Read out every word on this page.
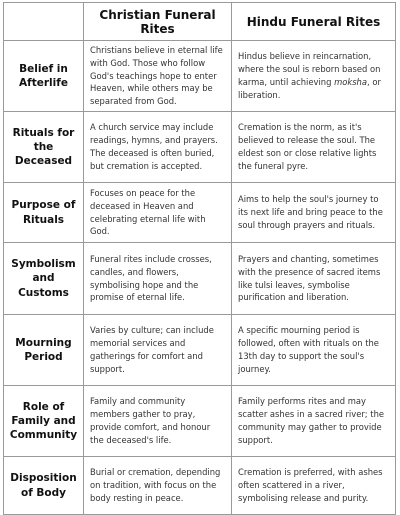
	Christian Funeral Rites	Hindu Funeral Rites
Belief in Afterlife	Christians believe in eternal life with God. Those who follow God's teachings hope to enter Heaven, while others may be separated from God.	Hindus believe in reincarnation, where the soul is reborn based on karma, until achieving moksha, or liberation.
Rituals for the Deceased	A church service may include readings, hymns, and prayers. The deceased is often buried, but cremation is accepted.	Cremation is the norm, as it's believed to release the soul. The eldest son or close relative lights the funeral pyre.
Purpose of Rituals	Focuses on peace for the deceased in Heaven and celebrating eternal life with God.	Aims to help the soul's journey to its next life and bring peace to the soul through prayers and rituals.
Symbolism and Customs	Funeral rites include crosses, candles, and flowers, symbolising hope and the promise of eternal life.	Prayers and chanting, sometimes with the presence of sacred items like tulsi leaves, symbolise purification and liberation.
Mourning Period	Varies by culture; can include memorial services and gatherings for comfort and support.	A specific mourning period is followed, often with rituals on the 13th day to support the soul's journey.
Role of Family and Community	Family and community members gather to pray, provide comfort, and honour the deceased's life.	Family performs rites and may scatter ashes in a sacred river; the community may gather to provide support.
Disposition of Body	Burial or cremation, depending on tradition, with focus on the body resting in peace.	Cremation is preferred, with ashes often scattered in a river, symbolising release and purity.
